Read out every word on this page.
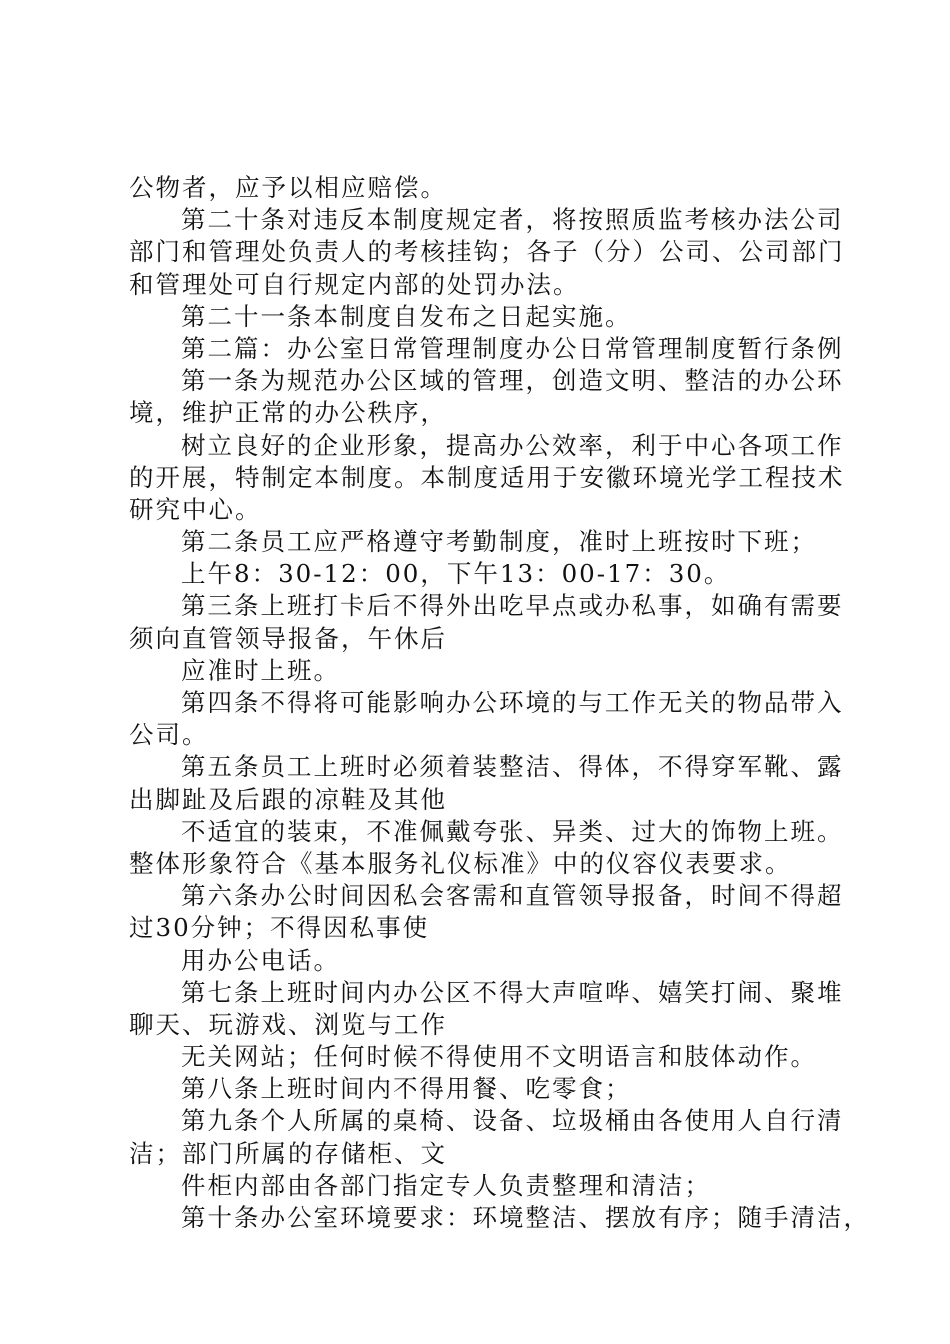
公物者，应予以相应赔偿。
第二十条对违反本制度规定者，将按照质监考核办法公司
部门和管理处负责人的考核挂钩；各子（分）公司、公司部门
和管理处可自行规定内部的处罚办法。
第二十一条本制度自发布之日起实施。
第二篇：办公室日常管理制度办公日常管理制度暂行条例
第一条为规范办公区域的管理，创造文明、整洁的办公环
境，维护正常的办公秩序，
树立良好的企业形象，提高办公效率，利于中心各项工作
的开展，特制定本制度。本制度适用于安徽环境光学工程技术
研究中心。
第二条员工应严格遵守考勤制度，准时上班按时下班；
上午8：30-12：00，下午13：00-17：30。
第三条上班打卡后不得外出吃早点或办私事，如确有需要
须向直管领导报备，午休后
应准时上班。
第四条不得将可能影响办公环境的与工作无关的物品带入
公司。
第五条员工上班时必须着装整洁、得体，不得穿军靴、露
出脚趾及后跟的凉鞋及其他
不适宜的装束，不准佩戴夸张、异类、过大的饰物上班。
整体形象符合《基本服务礼仪标准》中的仪容仪表要求。
第六条办公时间因私会客需和直管领导报备，时间不得超
过30分钟；不得因私事使
用办公电话。
第七条上班时间内办公区不得大声喧哗、嬉笑打闹、聚堆
聊天、玩游戏、浏览与工作
无关网站；任何时候不得使用不文明语言和肢体动作。
第八条上班时间内不得用餐、吃零食；
第九条个人所属的桌椅、设备、垃圾桶由各使用人自行清
洁；部门所属的存储柜、文
件柜内部由各部门指定专人负责整理和清洁；
第十条办公室环境要求：环境整洁、摆放有序；随手清洁，
